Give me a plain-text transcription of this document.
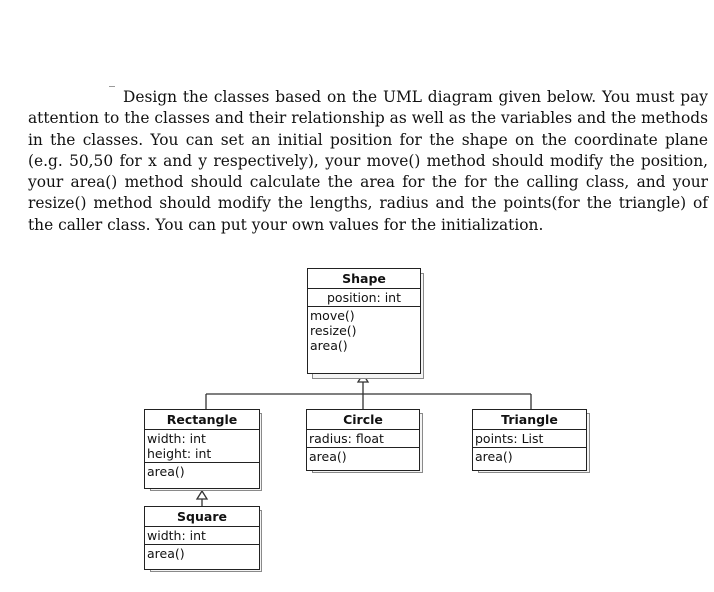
Design the classes based on the UML diagram given below. You must pay attention to the classes and their relationship as well as the variables and the methods in the classes. You can set an initial position for the shape on the coordinate plane (e.g. 50,50 for x and y respectively), your move() method should modify the position, your area() method should calculate the area for the for the calling class, and your resize() method should modify the lengths, radius and the points(for the triangle) of the caller class. You can put your own values for the initialization.

Shape
position: int
move()
resize()
area()
Rectangle
width: int
height: int
area()
Circle
radius: float
area()
Triangle
points: List
area()
Square
width: int
area()
